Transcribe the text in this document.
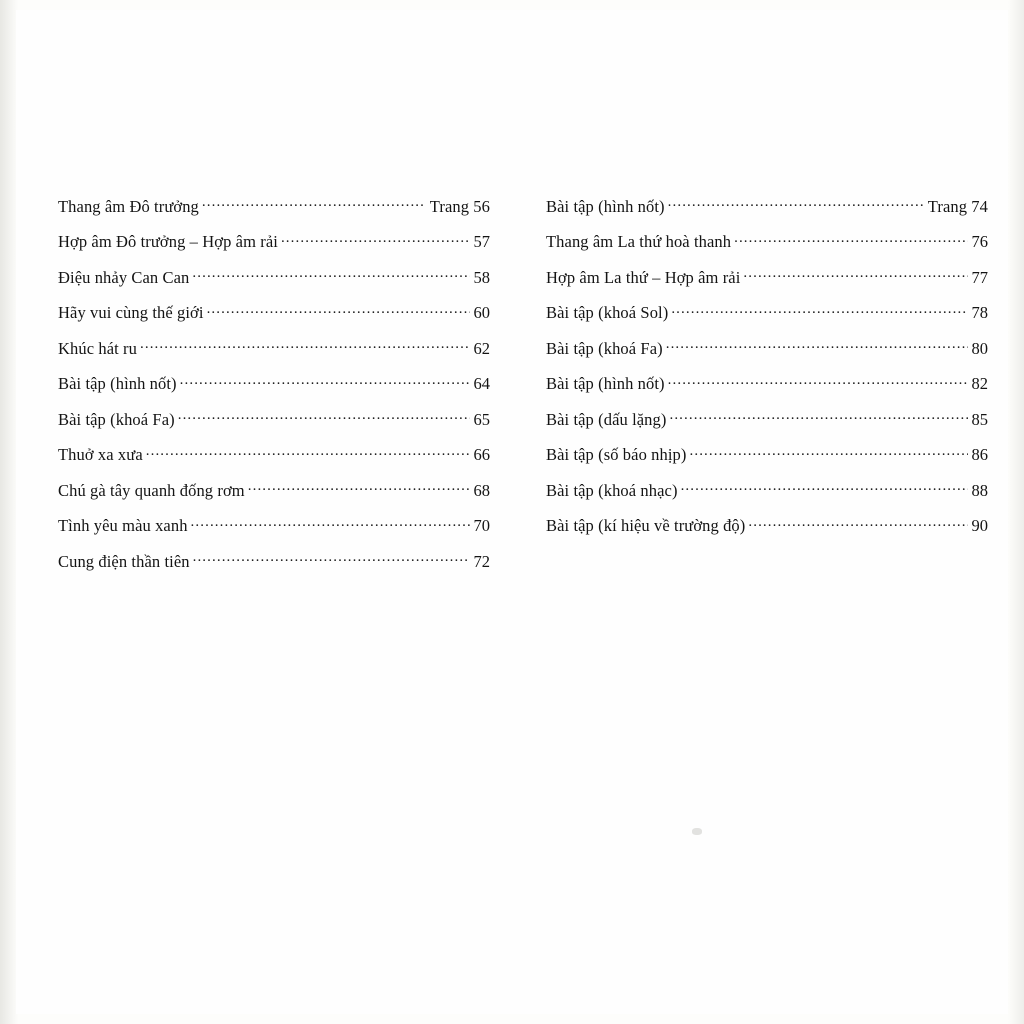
Thang âm Đô trưởng .....	Trang 56
Hợp âm Đô trưởng – Hợp âm rải .....	57
Điệu nhảy Can Can .....	58
Hãy vui cùng thế giới .....	60
Khúc hát ru .....	62
Bài tập (hình nốt) .....	64
Bài tập (khoá Fa) .....	65
Thuở xa xưa .....	66
Chú gà tây quanh đống rơm .....	68
Tình yêu màu xanh .....	70
Cung điện thần tiên .....	72
Bài tập (hình nốt) .....	Trang 74
Thang âm La thứ hoà thanh .....	76
Hợp âm La thứ – Hợp âm rải .....	77
Bài tập (khoá Sol) .....	78
Bài tập (khoá Fa) .....	80
Bài tập (hình nốt) .....	82
Bài tập (dấu lặng) .....	85
Bài tập (số báo nhịp) .....	86
Bài tập (khoá nhạc) .....	88
Bài tập (kí hiệu về trường độ) .....	90
